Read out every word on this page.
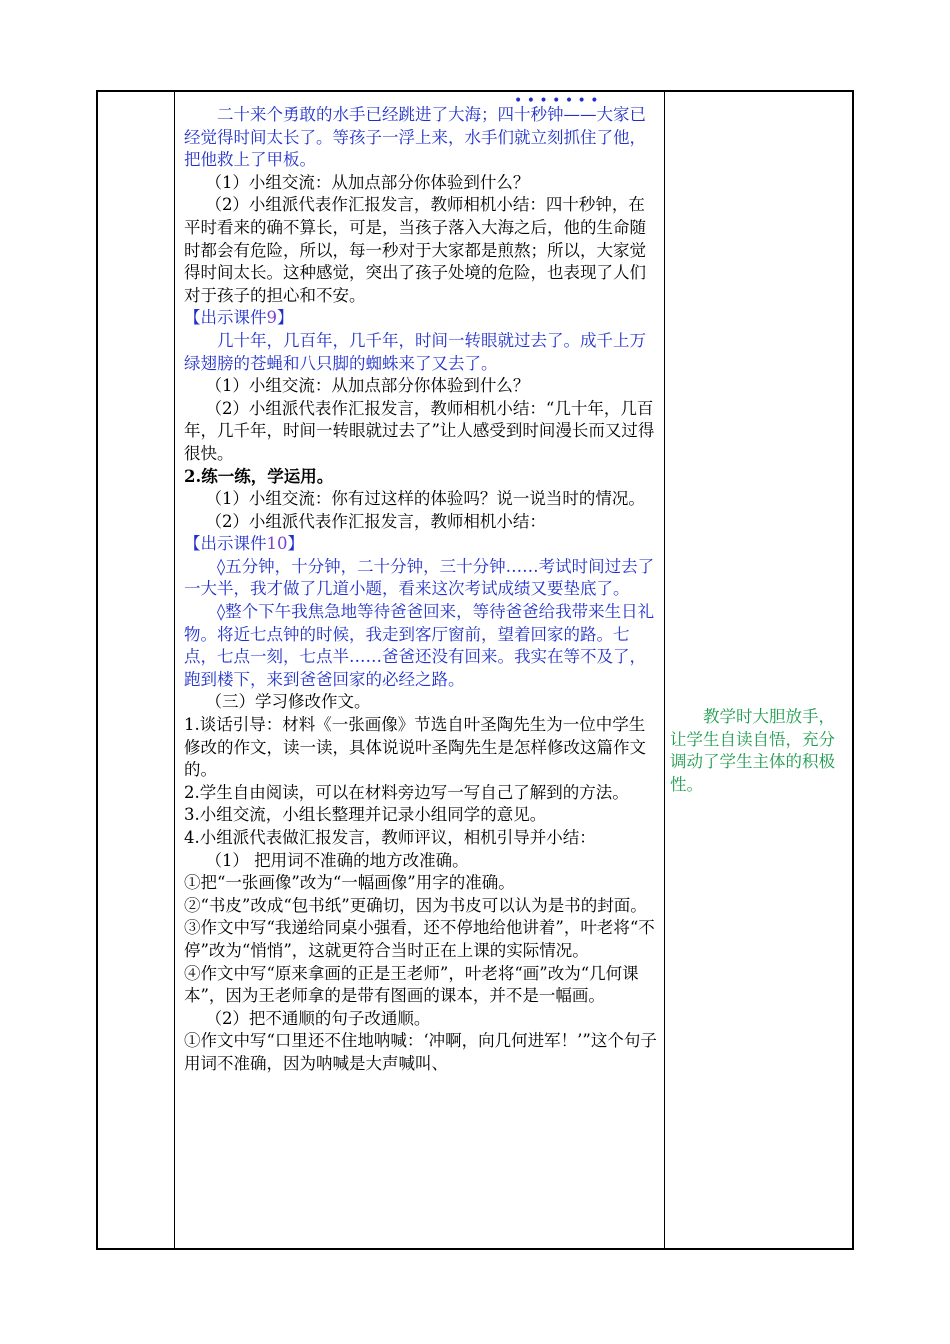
• • • • • • •

二十来个勇敢的水手已经跳进了大海；四十秒钟——大家已经觉得时间太长了。等孩子一浮上来，水手们就立刻抓住了他，把他救上了甲板。

（1）小组交流：从加点部分你体验到什么？

（2）小组派代表作汇报发言，教师相机小结：四十秒钟，在平时看来的确不算长，可是，当孩子落入大海之后，他的生命随时都会有危险，所以，每一秒对于大家都是煎熬；所以，大家觉得时间太长。这种感觉，突出了孩子处境的危险，也表现了人们对于孩子的担心和不安。

【出示课件9】

几十年，几百年，几千年，时间一转眼就过去了。成千上万绿翅膀的苍蝇和八只脚的蜘蛛来了又去了。

（1）小组交流：从加点部分你体验到什么？

（2）小组派代表作汇报发言，教师相机小结：“几十年，几百年，几千年，时间一转眼就过去了”让人感受到时间漫长而又过得很快。

2.练一练，学运用。

（1）小组交流：你有过这样的体验吗？说一说当时的情况。

（2）小组派代表作汇报发言，教师相机小结：

【出示课件10】

◊五分钟，十分钟，二十分钟，三十分钟……考试时间过去了一大半，我才做了几道小题，看来这次考试成绩又要垫底了。

◊整个下午我焦急地等待爸爸回来，等待爸爸给我带来生日礼物。将近七点钟的时候，我走到客厅窗前，望着回家的路。七点，七点一刻，七点半……爸爸还没有回来。我实在等不及了，跑到楼下，来到爸爸回家的必经之路。

（三）学习修改作文。

1.谈话引导：材料《一张画像》节选自叶圣陶先生为一位中学生修改的作文，读一读，具体说说叶圣陶先生是怎样修改这篇作文的。

2.学生自由阅读，可以在材料旁边写一写自己了解到的方法。

3.小组交流，小组长整理并记录小组同学的意见。

4.小组派代表做汇报发言，教师评议，相机引导并小结：

（1） 把用词不准确的地方改准确。

①把“一张画像”改为“一幅画像”用字的准确。

②“书皮”改成“包书纸”更确切，因为书皮可以认为是书的封面。

③作文中写“我递给同桌小强看，还不停地给他讲着”，叶老将“不停”改为“悄悄”，这就更符合当时正在上课的实际情况。

④作文中写“原来拿画的正是王老师”，叶老将“画”改为“几何课本”，因为王老师拿的是带有图画的课本，并不是一幅画。

（2）把不通顺的句子改通顺。

①作文中写“口里还不住地呐喊：‘冲啊，向几何进军！’”这个句子用词不准确，因为呐喊是大声喊叫、

教学时大胆放手，让学生自读自悟，充分调动了学生主体的积极性。
